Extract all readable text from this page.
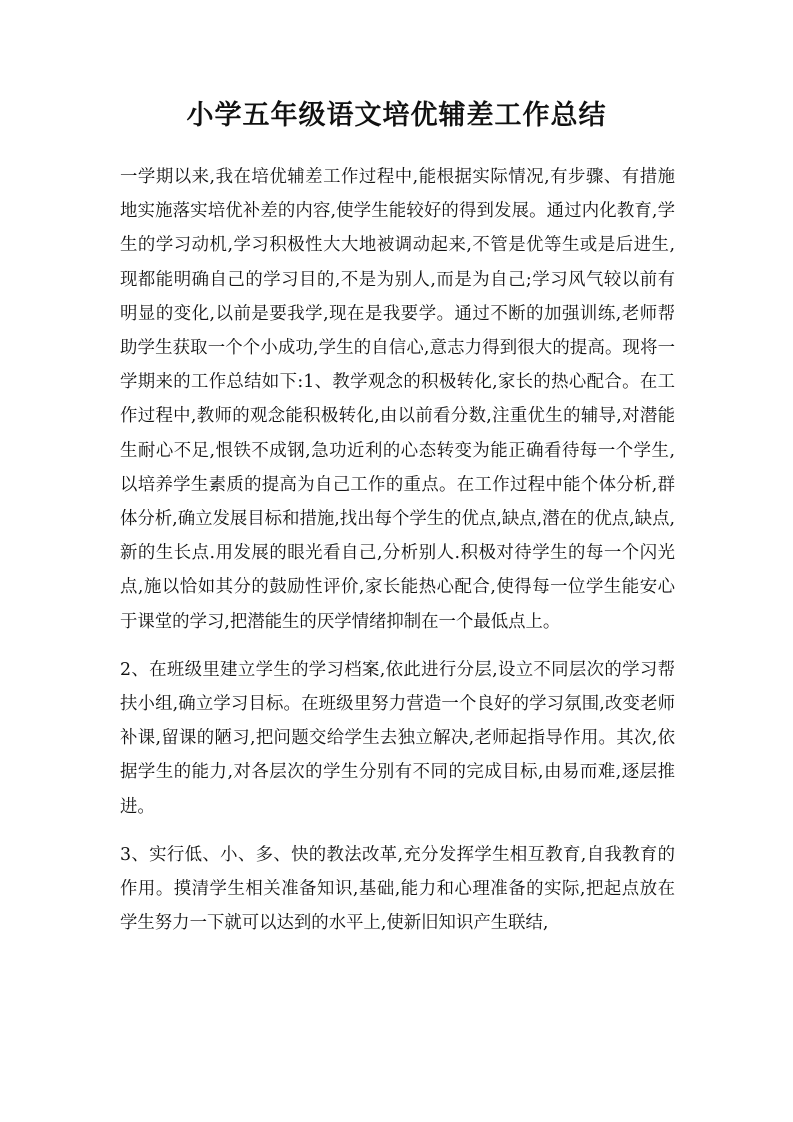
小学五年级语文培优辅差工作总结

一学期以来,我在培优辅差工作过程中,能根据实际情况,有步骤、有措施地实施落实培优补差的内容,使学生能较好的得到发展。通过内化教育,学生的学习动机,学习积极性大大地被调动起来,不管是优等生或是后进生,现都能明确自己的学习目的,不是为别人,而是为自己;学习风气较以前有明显的变化,以前是要我学,现在是我要学。通过不断的加强训练,老师帮助学生获取一个个小成功,学生的自信心,意志力得到很大的提高。现将一学期来的工作总结如下:1、教学观念的积极转化,家长的热心配合。在工作过程中,教师的观念能积极转化,由以前看分数,注重优生的辅导,对潜能生耐心不足,恨铁不成钢,急功近利的心态转变为能正确看待每一个学生,以培养学生素质的提高为自己工作的重点。在工作过程中能个体分析,群体分析,确立发展目标和措施,找出每个学生的优点,缺点,潜在的优点,缺点,新的生长点.用发展的眼光看自己,分析别人.积极对待学生的每一个闪光点,施以恰如其分的鼓励性评价,家长能热心配合,使得每一位学生能安心于课堂的学习,把潜能生的厌学情绪抑制在一个最低点上。

2、在班级里建立学生的学习档案,依此进行分层,设立不同层次的学习帮扶小组,确立学习目标。在班级里努力营造一个良好的学习氛围,改变老师补课,留课的陋习,把问题交给学生去独立解决,老师起指导作用。其次,依据学生的能力,对各层次的学生分别有不同的完成目标,由易而难,逐层推进。

3、实行低、小、多、快的教法改革,充分发挥学生相互教育,自我教育的作用。摸清学生相关准备知识,基础,能力和心理准备的实际,把起点放在学生努力一下就可以达到的水平上,使新旧知识产生联结,
